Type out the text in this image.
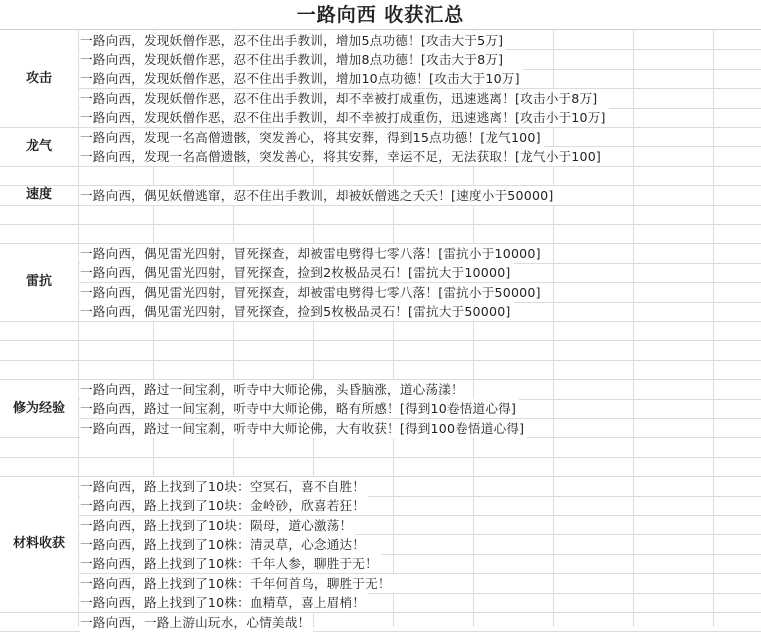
一路向西 收获汇总
攻击
一路向西，发现妖僧作恶，忍不住出手教训，增加5点功德！[攻击大于5万]
一路向西，发现妖僧作恶，忍不住出手教训，增加8点功德！[攻击大于8万]
一路向西，发现妖僧作恶，忍不住出手教训，增加10点功德！[攻击大于10万]
一路向西，发现妖僧作恶，忍不住出手教训，却不幸被打成重伤，迅速逃离！[攻击小于8万]
一路向西，发现妖僧作恶，忍不住出手教训，却不幸被打成重伤，迅速逃离！[攻击小于10万]
龙气
一路向西，发现一名高僧遗骸，突发善心，将其安葬，得到15点功德！[龙气100]
一路向西，发现一名高僧遗骸，突发善心，将其安葬，幸运不足，无法获取！[龙气小于100]
速度	一路向西，偶见妖僧逃窜，忍不住出手教训，却被妖僧逃之夭夭！[速度小于50000]
雷抗
一路向西，偶见雷光四射，冒死探查，却被雷电劈得七零八落！[雷抗小于10000]
一路向西，偶见雷光四射，冒死探查，捡到2枚极品灵石！[雷抗大于10000]
一路向西，偶见雷光四射，冒死探查，却被雷电劈得七零八落！[雷抗小于50000]
一路向西，偶见雷光四射，冒死探查，捡到5枚极品灵石！[雷抗大于50000]
修为经验
一路向西，路过一间宝刹，听寺中大师论佛，头昏脑涨，道心荡漾！
一路向西，路过一间宝刹，听寺中大师论佛，略有所感！[得到10卷悟道心得]
一路向西，路过一间宝刹，听寺中大师论佛，大有收获！[得到100卷悟道心得]
材料收获
一路向西，路上找到了10块：空冥石，喜不自胜！
一路向西，路上找到了10块：金岭砂，欣喜若狂！
一路向西，路上找到了10块：陨母，道心激荡！
一路向西，路上找到了10株：清灵草，心念通达！
一路向西，路上找到了10株：千年人参，聊胜于无！
一路向西，路上找到了10株：千年何首乌，聊胜于无！
一路向西，路上找到了10株：血精草，喜上眉梢！
一路向西，一路上游山玩水，心情美哉！
